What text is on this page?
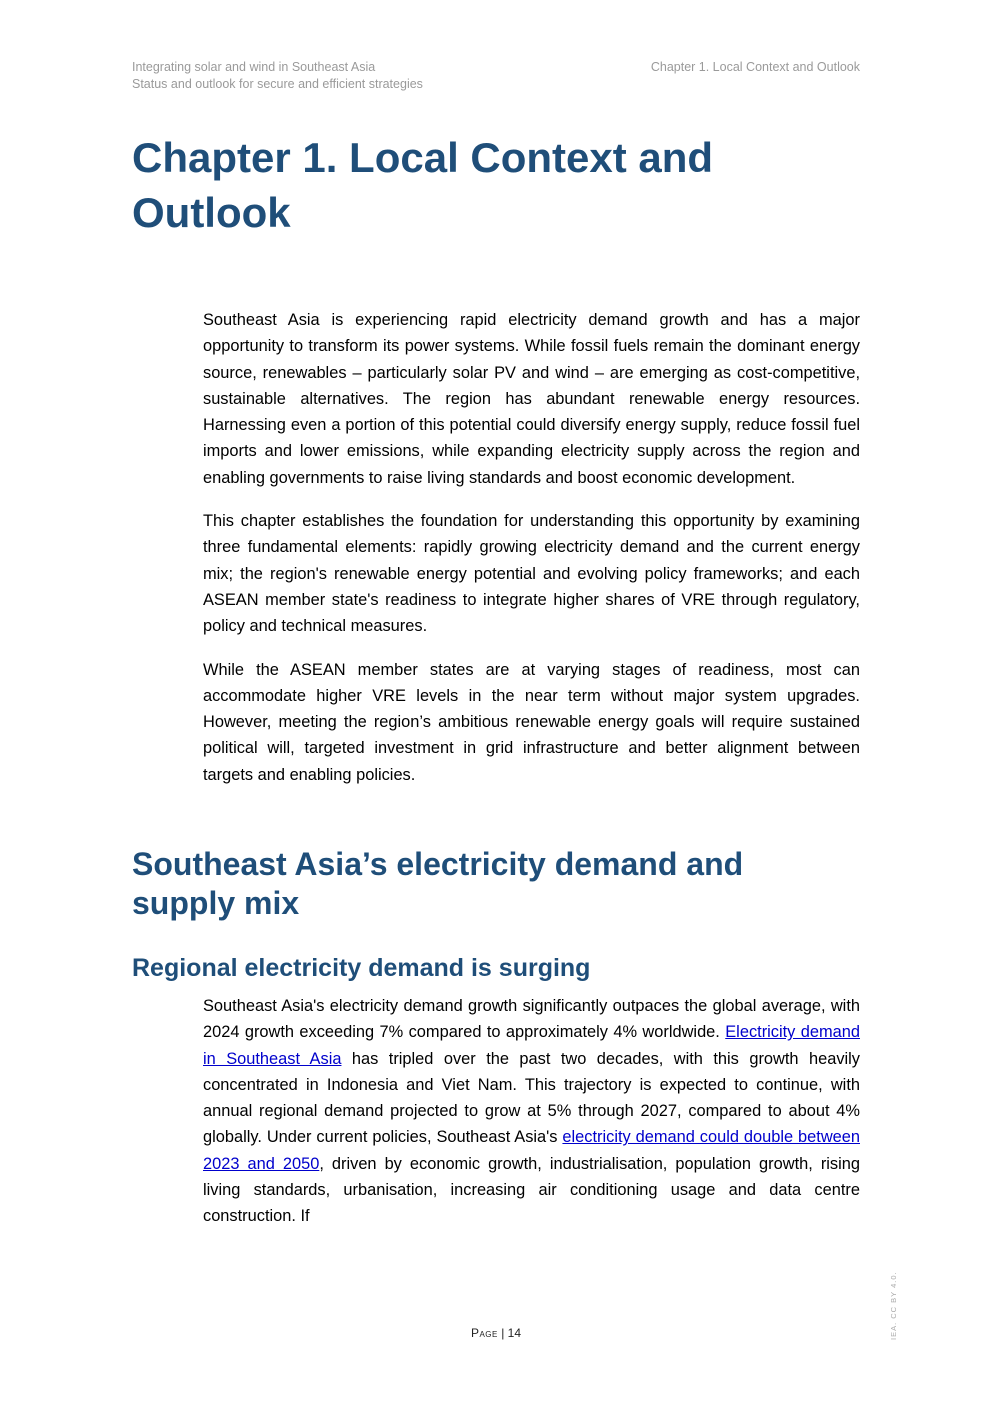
Integrating solar and wind in Southeast Asia
Status and outlook for secure and efficient strategies
Chapter 1. Local Context and Outlook
Chapter 1. Local Context and Outlook

Southeast Asia is experiencing rapid electricity demand growth and has a major opportunity to transform its power systems. While fossil fuels remain the dominant energy source, renewables – particularly solar PV and wind – are emerging as cost-competitive, sustainable alternatives. The region has abundant renewable energy resources. Harnessing even a portion of this potential could diversify energy supply, reduce fossil fuel imports and lower emissions, while expanding electricity supply across the region and enabling governments to raise living standards and boost economic development.

This chapter establishes the foundation for understanding this opportunity by examining three fundamental elements: rapidly growing electricity demand and the current energy mix; the region's renewable energy potential and evolving policy frameworks; and each ASEAN member state's readiness to integrate higher shares of VRE through regulatory, policy and technical measures.

While the ASEAN member states are at varying stages of readiness, most can accommodate higher VRE levels in the near term without major system upgrades. However, meeting the region’s ambitious renewable energy goals will require sustained political will, targeted investment in grid infrastructure and better alignment between targets and enabling policies.

Southeast Asia’s electricity demand and supply mix
Regional electricity demand is surging

Southeast Asia's electricity demand growth significantly outpaces the global average, with 2024 growth exceeding 7% compared to approximately 4% worldwide. Electricity demand in Southeast Asia has tripled over the past two decades, with this growth heavily concentrated in Indonesia and Viet Nam. This trajectory is expected to continue, with annual regional demand projected to grow at 5% through 2027, compared to about 4% globally. Under current policies, Southeast Asia's electricity demand could double between 2023 and 2050, driven by economic growth, industrialisation, population growth, rising living standards, urbanisation, increasing air conditioning usage and data centre construction. If

Page | 14	IEA. CC BY 4.0.
